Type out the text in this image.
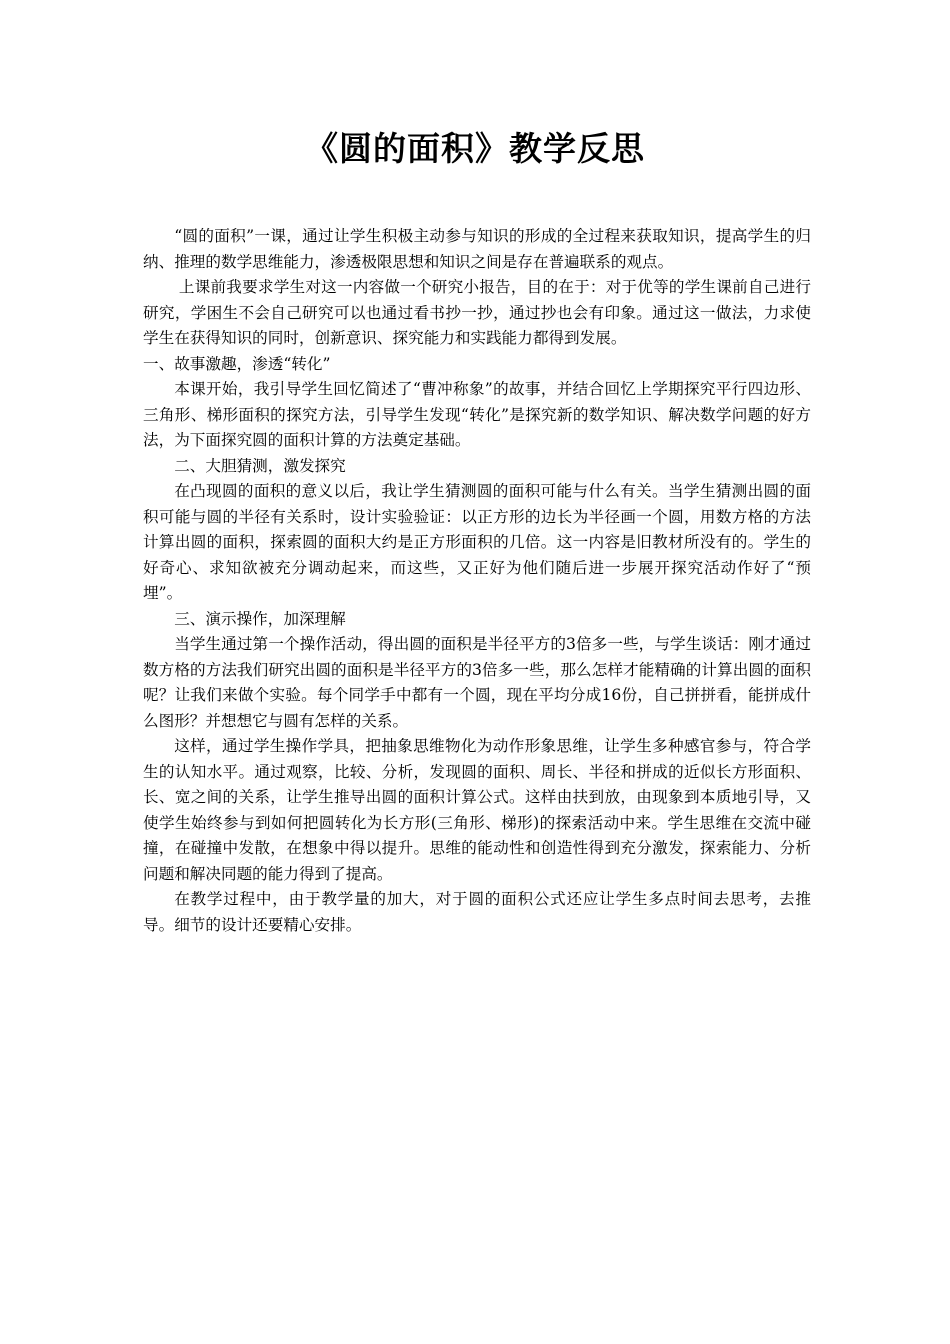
《圆的面积》教学反思

“圆的面积”一课，通过让学生积极主动参与知识的形成的全过程来获取知识，提高学生的归纳、推理的数学思维能力，渗透极限思想和知识之间是存在普遍联系的观点。

上课前我要求学生对这一内容做一个研究小报告，目的在于：对于优等的学生课前自己进行研究，学困生不会自己研究可以也通过看书抄一抄，通过抄也会有印象。通过这一做法，力求使学生在获得知识的同时，创新意识、探究能力和实践能力都得到发展。

一、故事激趣，渗透“转化”

本课开始，我引导学生回忆简述了“曹冲称象”的故事，并结合回忆上学期探究平行四边形、三角形、梯形面积的探究方法，引导学生发现“转化”是探究新的数学知识、解决数学问题的好方法，为下面探究圆的面积计算的方法奠定基础。

二、大胆猜测，激发探究

在凸现圆的面积的意义以后，我让学生猜测圆的面积可能与什么有关。当学生猜测出圆的面积可能与圆的半径有关系时，设计实验验证：以正方形的边长为半径画一个圆，用数方格的方法计算出圆的面积，探索圆的面积大约是正方形面积的几倍。这一内容是旧教材所没有的。学生的好奇心、求知欲被充分调动起来，而这些，又正好为他们随后进一步展开探究活动作好了“预埋”。

三、演示操作，加深理解

当学生通过第一个操作活动，得出圆的面积是半径平方的3倍多一些，与学生谈话：刚才通过数方格的方法我们研究出圆的面积是半径平方的3倍多一些，那么怎样才能精确的计算出圆的面积呢？让我们来做个实验。每个同学手中都有一个圆，现在平均分成16份，自己拼拼看，能拼成什么图形？并想想它与圆有怎样的关系。

这样，通过学生操作学具，把抽象思维物化为动作形象思维，让学生多种感官参与，符合学生的认知水平。通过观察，比较、分析，发现圆的面积、周长、半径和拼成的近似长方形面积、长、宽之间的关系，让学生推导出圆的面积计算公式。这样由扶到放，由现象到本质地引导，又使学生始终参与到如何把圆转化为长方形(三角形、梯形)的探索活动中来。学生思维在交流中碰撞，在碰撞中发散，在想象中得以提升。思维的能动性和创造性得到充分激发，探索能力、分析问题和解决同题的能力得到了提高。

在教学过程中，由于教学量的加大，对于圆的面积公式还应让学生多点时间去思考，去推导。细节的设计还要精心安排。
